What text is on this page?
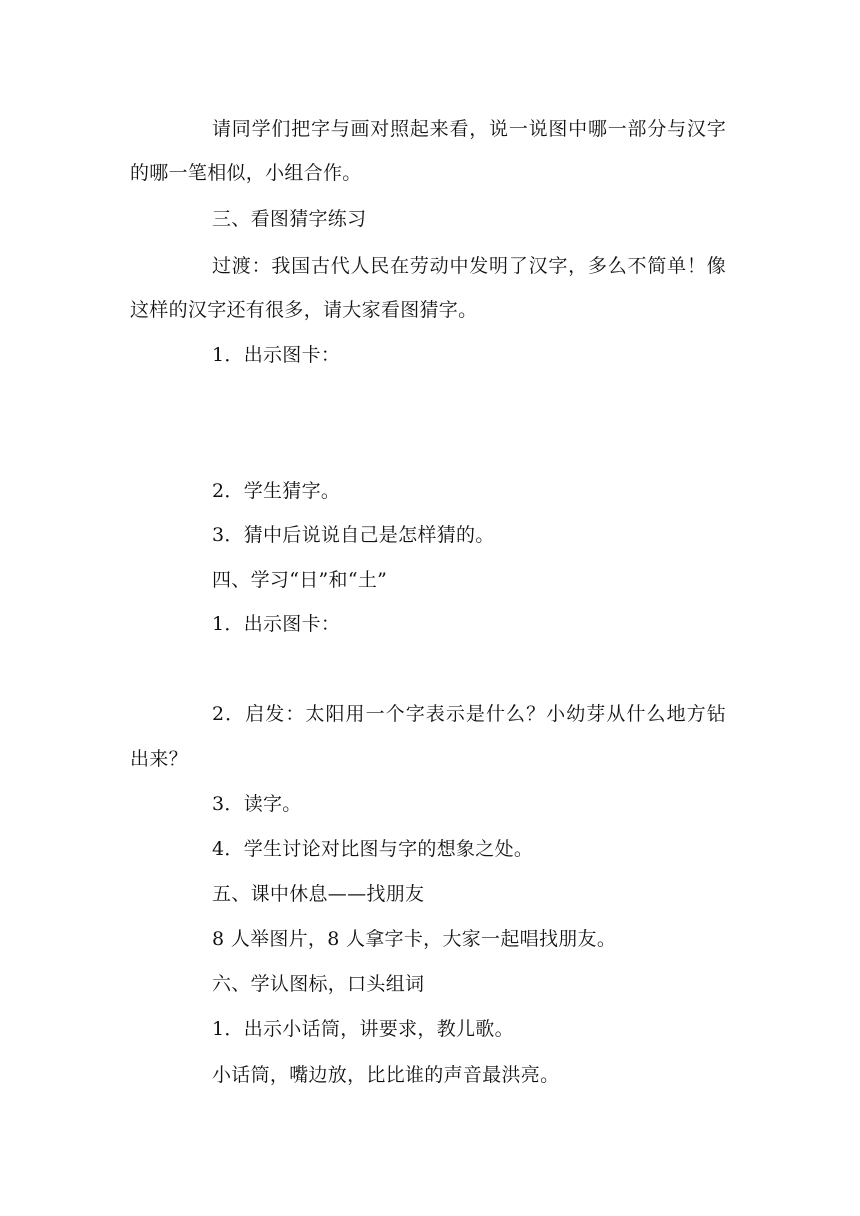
请同学们把字与画对照起来看，说一说图中哪一部分与汉字
的哪一笔相似，小组合作。
三、看图猜字练习
过渡：我国古代人民在劳动中发明了汉字，多么不简单！像
这样的汉字还有很多，请大家看图猜字。
1．出示图卡：
2．学生猜字。
3．猜中后说说自己是怎样猜的。
四、学习“日”和“土”
1．出示图卡：
2．启发：太阳用一个字表示是什么？小幼芽从什么地方钻
出来？
3．读字。
4．学生讨论对比图与字的想象之处。
五、课中休息——找朋友
8 人举图片，8 人拿字卡，大家一起唱找朋友。
六、学认图标，口头组词
1．出示小话筒，讲要求，教儿歌。
小话筒，嘴边放，比比谁的声音最洪亮。
